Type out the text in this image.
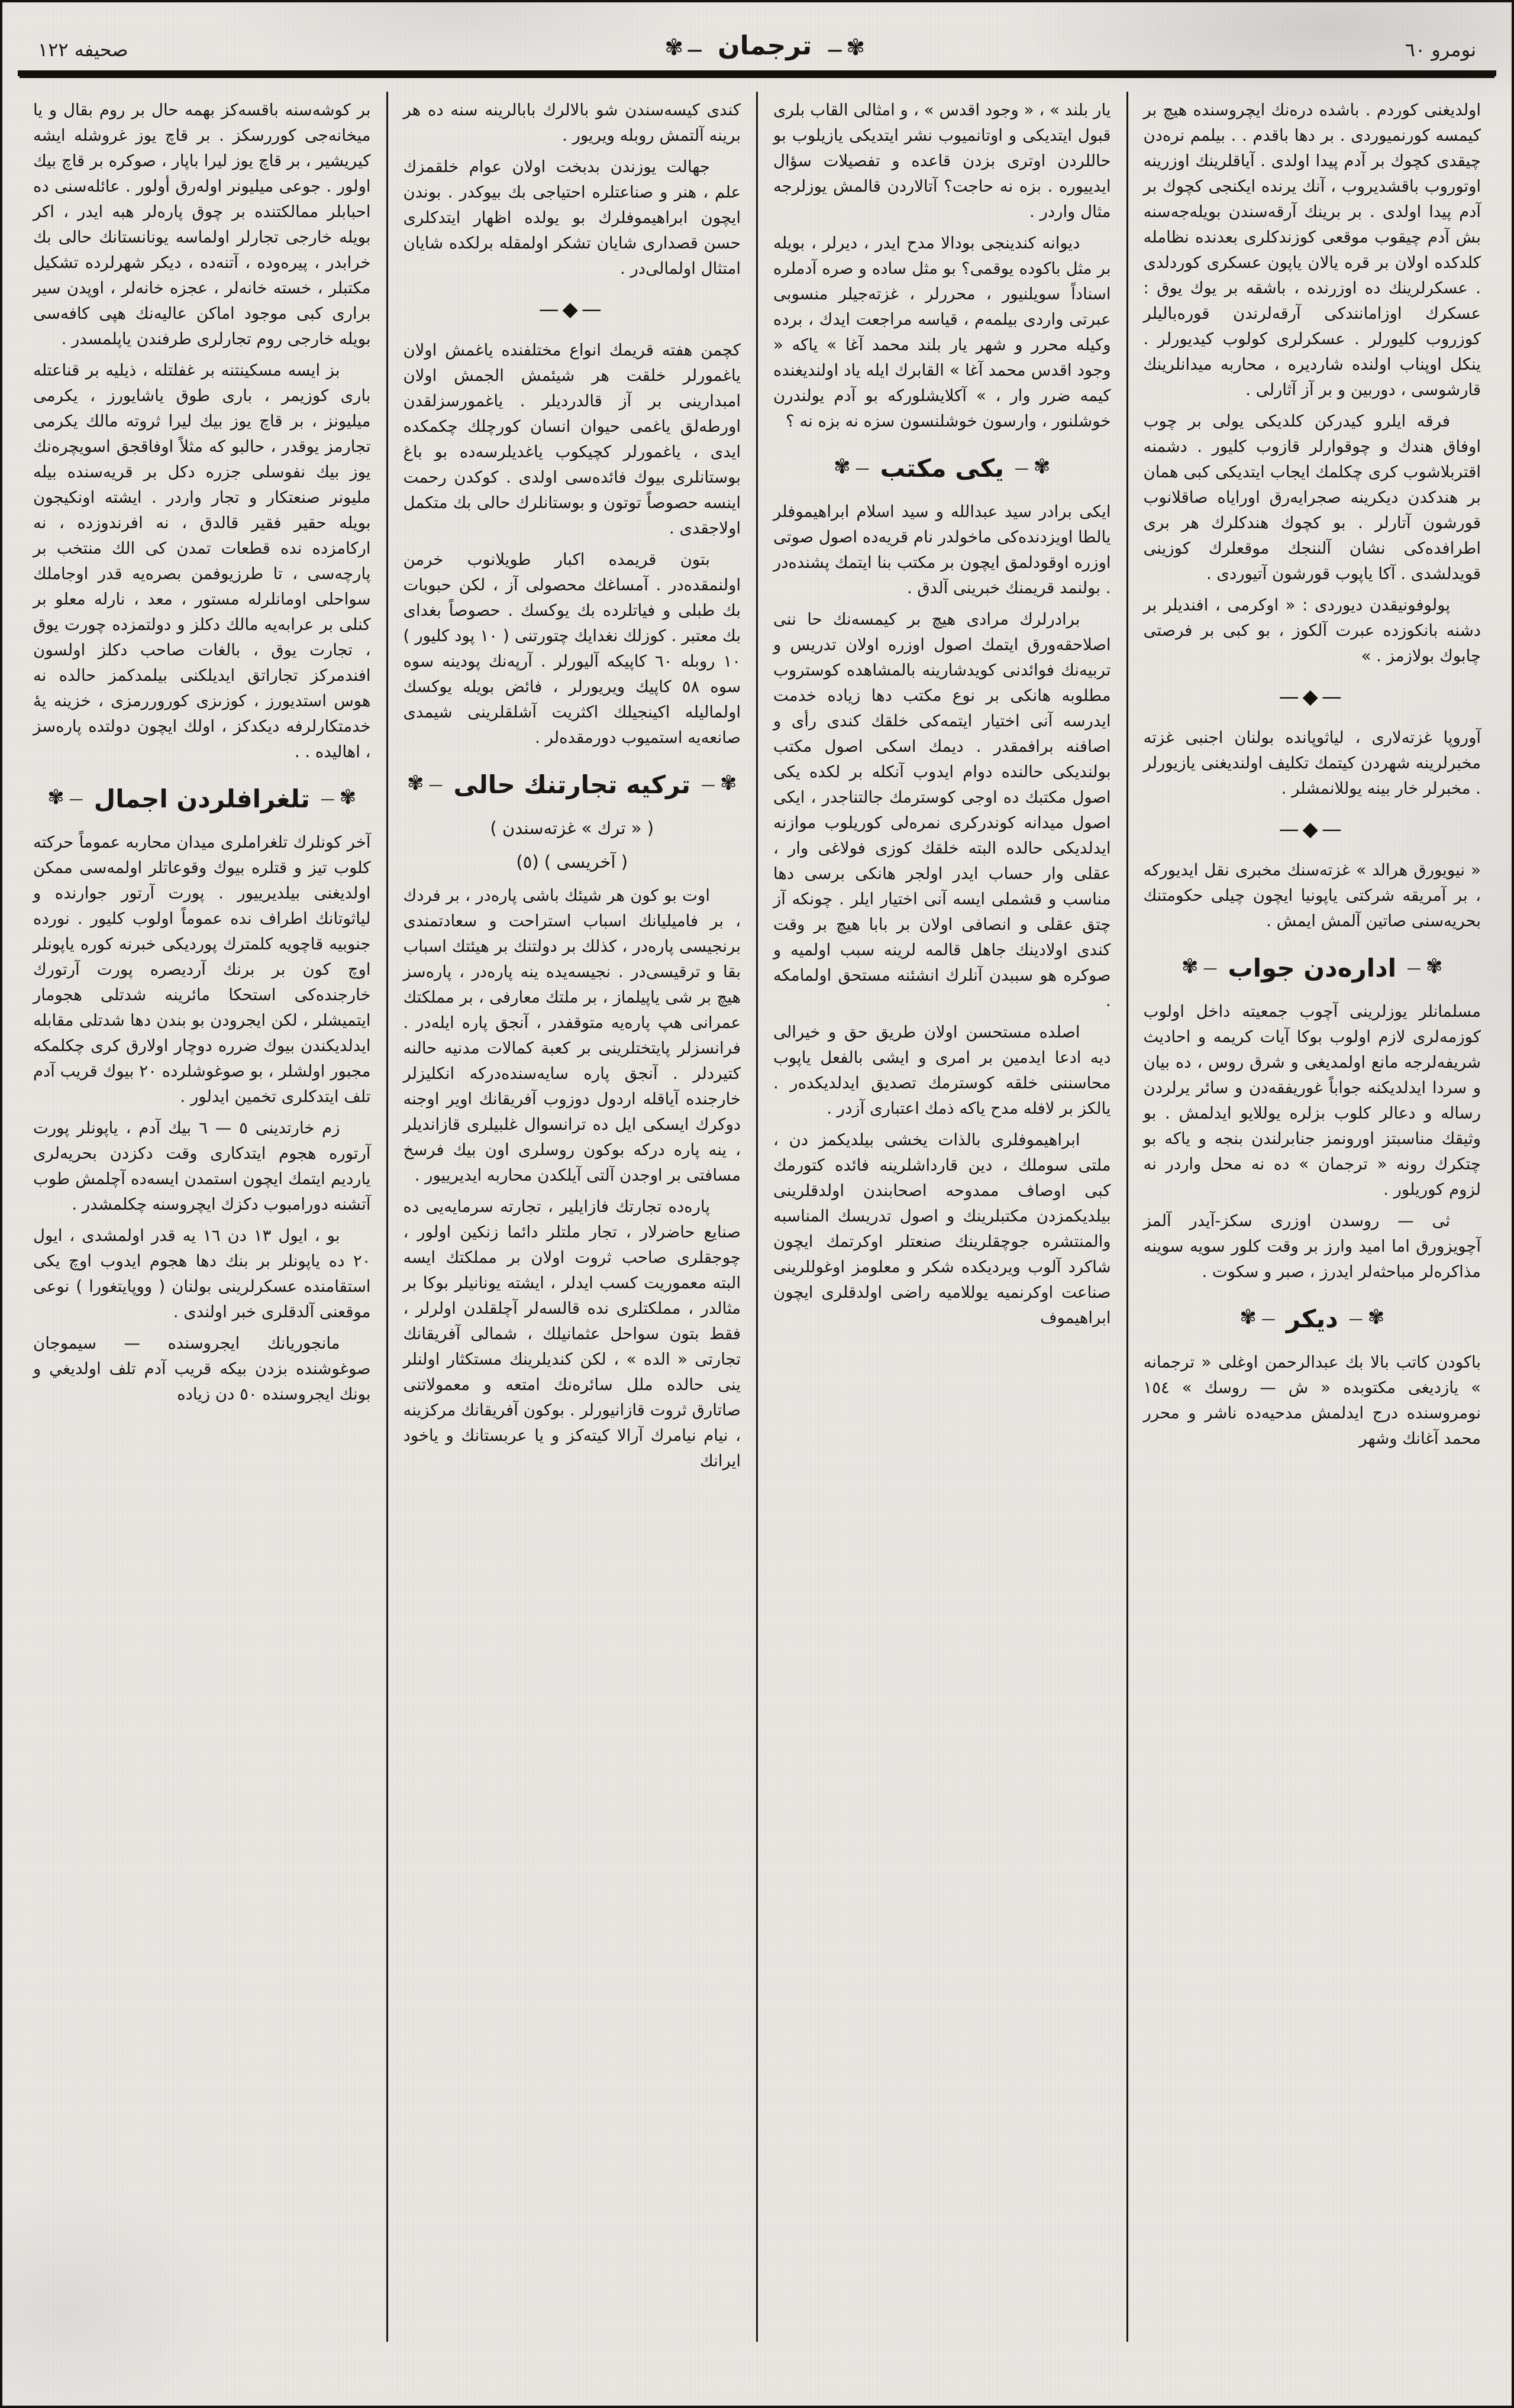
نومرو ٦٠
✾ —
ترجمان
— ✾
صحيفه ١٢٢

اولديغنى كوردم . باشده دره‌نك ايچروسنده هيچ بر كيمسه كورنميوردى . بر دها باقدم . . بيلمم نره‌دن چيقدى كچوك بر آدم پيدا اولدى . آياقلرينك اوزرينه اوتوروب باقشديروب ، آنك يرنده ايكنجى كچوك بر آدم پيدا اولدى . بر برينك آرقه‌سندن بويله‌جه‌سنه بش آدم چيقوب موقعى كوزندكلرى بعدنده نظامله كلدكده اولان بر قره يالان ياپون عسكرى كوردلدى . عسكرلرينك ده اوزرنده ، باشقه بر يوك يوق : عسكرك اوزامانندكى آرقه‌لرندن قوره‌باليلر كوزروب كليورلر . عسكرلرى كولوب كيديورلر . ينكل اوپناب اولنده شارديره ، محاربه ميدانلرينك قارشوسى ، دوربين و بر آز آثارلى .

فرقه ايلرو كيدركن كلديكى يولى بر چوب اوفاق هندك و چوقوارلر قازوب كليور . دشمنه اقتربلاشوب كرى چكلمك ايجاب ايتديكى كبى همان بر هندكدن ديكرينه صجرايه‌رق اوراياه صاقلانوب قورشون آتارلر . بو كچوك هندكلرك هر برى اطرافده‌كى نشان آلننجك موقعلرك كوزينى قويدلشدى . آكا ياپوب قورشون آتيوردى .

پولوفونيقدن ديوردى : « اوكرمى ، افنديلر بر دشنه بانكوزده عبرت آلكوز ، بو كبى بر فرصتى چابوك بولا‌زمز . »

—◆—

آوروپا غزته‌لارى ، لياثوپانده بولنان اجنبى غزته مخبرلرينه شهردن كيتمك تكليف اولنديغنى يازيورلر . مخبرلر خار بينه يوللانمشلر .

—◆—

« نيويورق هرالد » غزته‌سنك مخبرى نقل ايديوركه ، بر آمريقه شركتى ياپونيا ايچون چيلى حكومتنك بحريه‌سنى صاتين آلمش ايمش .

✾ —
اداره‌دن جواب
— ✾

مسلمانلر يوزلرينى آچوب جمعيته داخل اولوب كوزمه‌لرى لازم اولوب بوكا آيات كريمه و احاديث شريفه‌لرجه مانع اولمديغى و شرق روس ، ده بيان و سردا ايدلديكنه جواباً غوريفقه‌دن و سائر يرلردن رساله و دعالر كلوب بزلره يوللايو ايدلمش . بو وثيقك مناسبتز اورونمز جنابرلندن بنجه و ياكه بو چتكرك رونه « ترجمان » ده نه محل واردر نه لزوم كوريلور .

ثى — روسدن اوزرى سكز-آيدر آلمز آچويزورق اما اميد وارز بر وقت كلور سويه سوينه مذاكره‌لر مباحثه‌لر ايدرز ، صبر و سكوت .

✾ —
ديكر
— ✾

باكودن كاتب بالا بك عبدالرحمن اوغلى « ترجمانه » يازديغى مكتوبده « ش — روسك » ١٥٤ نومروسنده درج ايدلمش مدحيه‌ده ناشر و محرر محمد آغانك وشهر

يار بلند » ، « وجود اقدس » ، و امثالى القاب بلرى قبول ايتديكى و اوتانميوب نشر ايتديكى يازيلوب بو حاللردن اوترى بزدن قاعده و تفصيلات سؤال ايدييوره . بزه نه حاجت؟ آتالاردن قالمش يوزلرجه مثال واردر .

ديوانه كندينجى بودالا مدح ايدر ، ديرلر ، بويله بر مثل باكوده يوقمى؟ بو مثل ساده و صره آدملره اسناداً سويلنيور ، محررلر ، غزته‌جيلر منسوبى عبرتى واردى بيلمه‌م ، قياسه مراجعت ايدك ، برده وكيله محرر و شهر يار بلند محمد آغا » ياكه « وجود اقدس محمد آغا » القابرك ايله ياد اولنديغنده كيمه ضرر وار ، » آكلايشلوركه بو آدم يولندرن خوشلنور ، وارسون خوشلنسون سزه نه بزه نه ؟

✾ —
يكى مكتب
— ✾

ايكى برادر سيد عبدالله و سيد اسلام ابراهيموفلر يالطا اويزدنده‌كى ماخولدر نام قريه‌ده اصول صوتى اوزره اوقودلمق ايچون بر مكتب بنا ايتمك پشنده‌در . بولنمد قريمنك خبرينى آلدق .

برادرلرك مرادى هيچ بر كيمسه‌نك حا ننى اصلاحقه‌ورق ايتمك اصول اوزره اولان تدريس و تربيه‌نك فوائدنى كويدشارينه بالمشاهده كوستروب مطلوبه هانكى بر نوع مكتب دها زياده خدمت ايدرسه آنى اختيار ايتمه‌كى خلقك كندى رأى و اصافنه برافمقدر . ديمك اسكى اصول مكتب بولنديكى حالنده دوام ايدوب آنكله بر لكده يكى اصول مكتبك ده اوجى كوسترمك جالتناجدر ، ايكى اصول ميدانه كوندركرى نمره‌لى كوريلوب موازنه ايدلديكى حالده البته خلقك كوزى فولاغى وار ، عقلى وار حساب ايدر اولجر هانكى برسى دها مناسب و قشملى ايسه آنى اختيار ايلر . چونكه آز چتق عقلى و انصافى اولان بر بابا هيچ بر وقت كندى اولادينك جاهل قالمه لرينه سبب اولميه و صوكره هو سببدن آنلرك انشئنه مستحق اولمامكه .

اصلده مستحسن اولان طريق حق و خيرالى ديه ادعا ايدمين بر امرى و ايشى بالفعل ياپوب محاسننى خلقه كوسترمك تصديق ايدلديكده‌ر . يالكز بر لافله مدح ياكه ذمك اعتبارى آزدر .

ابراهيموفلرى بالذات يخشى بيلديكمز دن ، ملتى سوملك ، دين قارداشلرينه فائده كتورمك كبى اوصاف ممدوحه اصحابندن اولدقلرينى بيلديكمزدن مكتبلرينك و اصول تدريسك المناسبه والمنتشره جوچقلرينك صنعتلر اوكرتمك ايچون شاكرد آلوب ويرديكده شكر و معلومز اوغوللرينى صناعت اوكرنميه يوللاميه راضى اولدقلرى ايچون ابراهيموف

كندى كيسه‌سندن شو بالالرك بابالرينه سنه ده هر برينه آلتمش روبله ويريور .

جهالت يوزندن بدبخت اولان عوام خلقمزك علم ، هنر و صناعتلره احتياجى بك بيوكدر . بوندن ايچون ابراهيموفلرك بو يولده اظهار ايتدكلرى حسن قصدارى شايان تشكر اولمقله برلكده شايان امتثال اولمالى‌در .

—◆—

كچمن هفته قريمك انواع مختلفنده ياغمش اولان ياغمورلر خلقت هر شيئمش الجمش اولان امبدارينى بر آز قالدرديلر . ياغمورسزلقدن اورطه‌لق ياغمى حيوان انسان كورچلك چكمكده ايدى ، ياغمورلر كچيكوب ياغديلرسه‌ده بو باغ بوستانلرى بيوك فائده‌سى اولدى . كوكدن رحمت اينسه حصوصاً توتون و بوستانلرك حالى بك متكمل اولاجقدى .

بتون قريمده اكبار طويلانوب خرمن اولنمقده‌در . آمساغك محصولى آز ، لكن حبوبات بك طبلى و فياتلرده بك يوكسك . حصوصاً بغداى بك معتبر . كوزلك نغدايك چتورتنى ( ١٠ پود كليور ) ١٠ روبله ٦٠ كاپيكه آليورلر . آرپه‌نك پودينه سوه سوه ٥٨ كاپيك ويريورلر ، فائض بويله يوكسك اولماليله اكينجيلك اكثريت آشلقلرينى شيمدى صانعه‌يه استميوب دورمقده‌لر .

✾ —
تركيه تجارتنك حالى
— ✾
( « ترك » غزته‌سندن )
( آخريسى ) (٥)

اوت بو كون هر شيئك باشى پاره‌در ، بر فردك ، بر فاميليانك اسباب استراحت و سعادتمندى برنجيسى پاره‌در ، كذلك بر دولتنك بر هيئتك اسباب بقا و ترقيسى‌در . نجيسه‌يده ينه پاره‌در ، پاره‌سز هيچ بر شى ياپيلماز ، بر ملتك معارفى ، بر مملكتك عمرانى هپ پاره‌يه متوقفدر ، آنجق پاره ايله‌در . فرانسزلر پايتختلرينى بر كعبة كمالات مدنيه حالنه كتيردلر . آنجق پاره سايه‌سنده‌دركه انكليزلر خارجنده آياقلە اردول دوزوب آفريقانك اوير اوجنه دوكرك ايسكى ايل ده ترانسوال غلبيلرى قازانديلر ، ينه پاره دركه بوكون روسلرى اون بيك فرسخ مسافتى بر اوجدن آلتى آيلكدن محاربه ايديرييور .

پاره‌ده تجارتك فازايلير ، تجارته سرمايه‌يى ده صنايع حاضرلار ، تجار ملتلر دائما زنكين اولور ، چوجقلرى صاحب ثروت اولان بر مملكتك ايسه البته معموريت كسب ايدلر ، ايشته يونانيلر بوكا بر مثالدر ، مملكتلرى نده قالسه‌لر آچلقلدن اولرلر ، فقط بتون سواحل عثمانيلك ، شمالى آفريقانك تجارتى « الده » ، لكن كنديلرينك مستكثار اولنلر ينى حالده ملل سائره‌نك امتعه و معمولاتنى صاتارق ثروت قازانيورلر . بوكون آفريقانك مركزينه ، نيام نيامرك آرالا كيته‌كز و يا عربستانك و ياخود ايرانك

بر كوشه‌سنه باقسه‌كز بهمه حال بر روم بقال و يا ميخانه‌جى كوررسكز . بر قاچ يوز غروشله ايشه كيريشير ، بر قاچ يوز ليرا باپار ، صوكره بر قاچ بيك اولور . جوعى ميليونر اوله‌رق أولور . عائله‌سنى ده احبابلر ممالكتنده بر چوق پاره‌لر هبه ايدر ، اكر بويله خارجى تجارلر اولماسه يونانستانك حالى بك خرابدر ، پيره‌وده ، آتنه‌ده ، ديكر شهرلرده تشكيل مكتبلر ، خسته خانه‌لر ، عجزه خانه‌لر ، اوپدن سير برارى كبى موجود اماكن عاليه‌نك هپى كافه‌سى بويله خارجى روم تجارلرى طرفندن ياپلمسدر .

بز ايسه مسكينتنه بر غفلتله ، ذيليه بر قناعتله بارى كوزيمر ، بارى طوق ياشايورز ، يكرمى ميليونز ، بر قاچ يوز بيك ليرا ثروته مالك يكرمى تجارمز يوقدر ، حالبو كه مثلاً اوفاقجق اسويچره‌نك يوز بيك نفوسلى جزره دكل بر قريه‌سنده بيله مليونر صنعتكار و تجار واردر . ايشته اونكيجون بويله حقير فقير قالدق ، نه افرندوزده ، نه اركامزده نده قطعات تمدن كى الك منتخب بر پارچه‌سى ، تا طرزيوفمن بصره‌يه قدر اوجاملك سواحلى اومانلرله مستور ، معد ، نارله معلو بر كنلى بر عرابه‌يه مالك دكلز و دولتمزده چورت يوق ، تجارت يوق ، بالغات صاحب دكلز اولسون افندمركز تجاراتق ايديلكنى بيلمدكمز حالده نه هوس استديورز ، كوزىزى كوروررمزى ، خزينه يۀ خدمتكارلرفه ديكدكز ، اولك ايچون دولتده پاره‌سز ، اهاليده . .

✾ —
تلغرافلردن اجمال
— ✾

آخر كونلرك تلغراملرى ميدان محاربه عموماً حركته كلوب تيز و قتلره بيوك وقوعاتلر اولمه‌سى ممكن اولديغنى بيلديرييور . پورت آرتور جوارنده و لياثوتانك اطراف نده عموماً اولوب كليور . نورده جنوبيه قاچويه كلمترك پورديكى خبرنه كوره ياپونلر اوچ كون بر برنك آرديصره پورت آرتورك خارجنده‌كى استحكا مائرينه شدتلى هجومار ايتميشلر ، لكن ايجرودن بو بندن دها شدتلى مقابله ايدلديكندن بيوك ضرره دوچار اولارق كرى چكلمكه مجبور اولشلر ، بو صوغوشلرده ٢٠ بيوك قريب آدم تلف ايتدكلرى تخمين ايدلور .

زم خارتدينى ٥ — ٦ بيك آدم ، ياپونلر پورت آرتوره هجوم ايتدكارى وقت دكزدن بحريه‌لرى يارديم ايتمك ايچون استمدن ايسه‌ده آچلمش طوب آتشنه دورامبوب دكزك ايچروسنه چكلمشدر .

بو ، ايول ١٣ دن ١٦ يه قدر اولمشدى ، ايول ٢٠ ده ياپونلر بر بنك دها هجوم ايدوب اوچ يكى استقامنده عسكرلرينى بولنان ( ووپايتغورا ) نوعى موقعنى آلدقلرى خبر اولندى .

مانجوريانك ايجروسنده — سيموجان صوغوشنده بزدن بيكه قريب آدم تلف اولديغي و بونك ايجروسنده ٥٠ دن زياده
